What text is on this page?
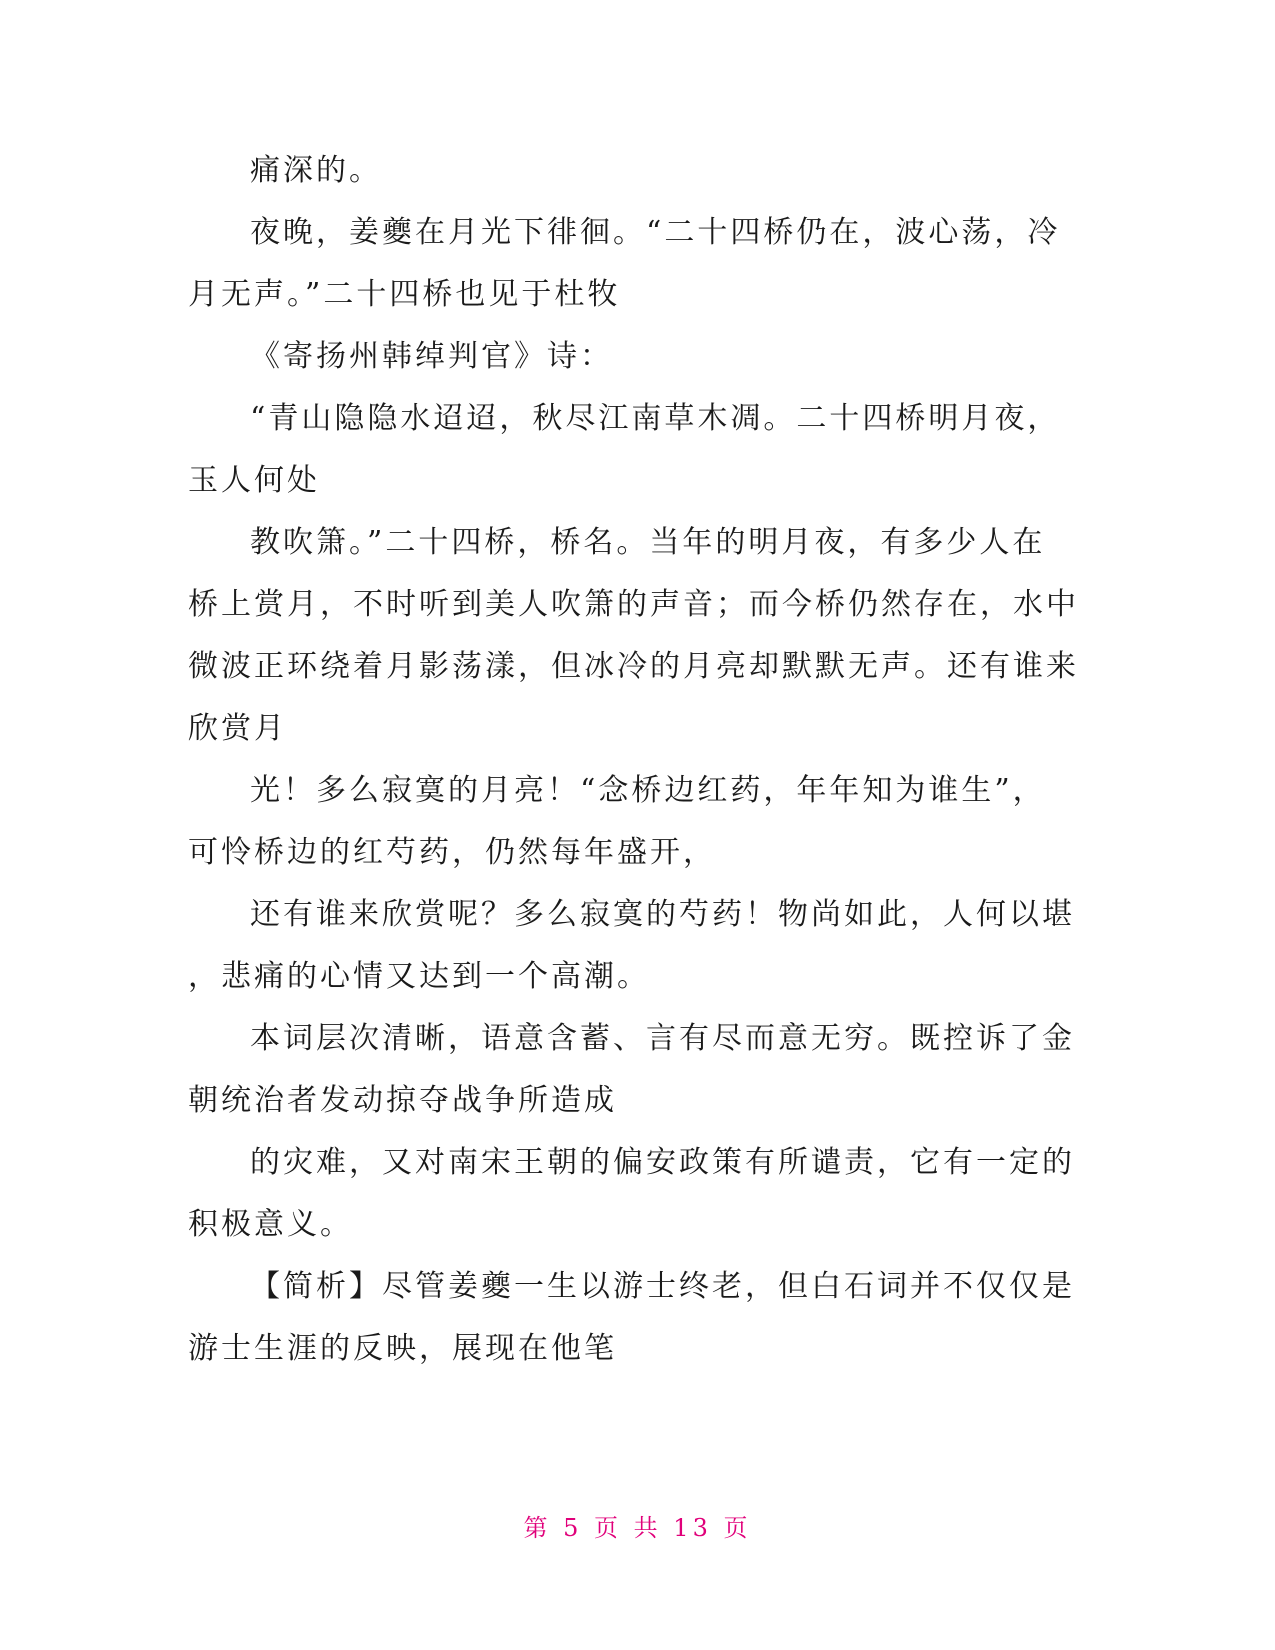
痛深的。
夜晚，姜夔在月光下徘徊。“二十四桥仍在，波心荡，冷
月无声。”二十四桥也见于杜牧
《寄扬州韩绰判官》诗：
“青山隐隐水迢迢，秋尽江南草木凋。二十四桥明月夜，
玉人何处
教吹箫。”二十四桥，桥名。当年的明月夜，有多少人在
桥上赏月，不时听到美人吹箫的声音；而今桥仍然存在，水中
微波正环绕着月影荡漾，但冰冷的月亮却默默无声。还有谁来
欣赏月
光！多么寂寞的月亮！“念桥边红药，年年知为谁生”，
可怜桥边的红芍药，仍然每年盛开，
还有谁来欣赏呢？多么寂寞的芍药！物尚如此，人何以堪
，悲痛的心情又达到一个高潮。
本词层次清晰，语意含蓄、言有尽而意无穷。既控诉了金
朝统治者发动掠夺战争所造成
的灾难，又对南宋王朝的偏安政策有所谴责，它有一定的
积极意义。
【简析】尽管姜夔一生以游士终老，但白石词并不仅仅是
游士生涯的反映，展现在他笔
第 5 页 共 13 页
